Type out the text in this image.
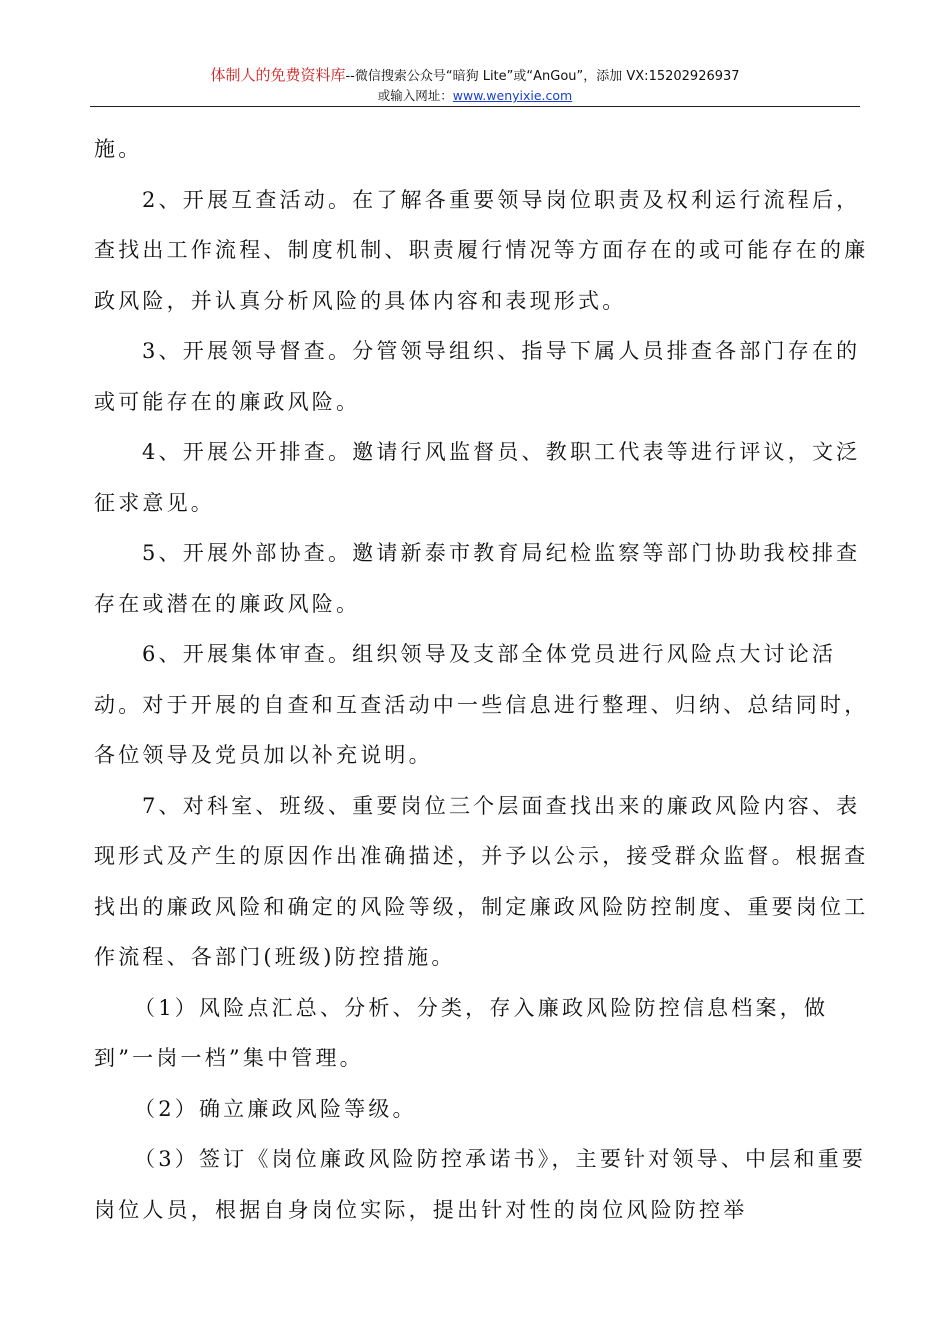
体制人的免费资料库--微信搜索公众号“暗狗 Lite”或“AnGou”，添加 VX:15202926937
或输入网址：www.wenyixie.com

施。

2、开展互查活动。在了解各重要领导岗位职责及权利运行流程后，查找出工作流程、制度机制、职责履行情况等方面存在的或可能存在的廉政风险，并认真分析风险的具体内容和表现形式。

3、开展领导督查。分管领导组织、指导下属人员排查各部门存在的或可能存在的廉政风险。

4、开展公开排查。邀请行风监督员、教职工代表等进行评议，文泛征求意见。

5、开展外部协查。邀请新泰市教育局纪检监察等部门协助我校排查存在或潜在的廉政风险。

6、开展集体审查。组织领导及支部全体党员进行风险点大讨论活动。对于开展的自查和互查活动中一些信息进行整理、归纳、总结同时，各位领导及党员加以补充说明。

7、对科室、班级、重要岗位三个层面查找出来的廉政风险内容、表现形式及产生的原因作出准确描述，并予以公示，接受群众监督。根据查找出的廉政风险和确定的风险等级，制定廉政风险防控制度、重要岗位工作流程、各部门(班级)防控措施。

（1）风险点汇总、分析、分类，存入廉政风险防控信息档案，做到”一岗一档”集中管理。

（2）确立廉政风险等级。

（3）签订《岗位廉政风险防控承诺书》，主要针对领导、中层和重要岗位人员，根据自身岗位实际，提出针对性的岗位风险防控举
